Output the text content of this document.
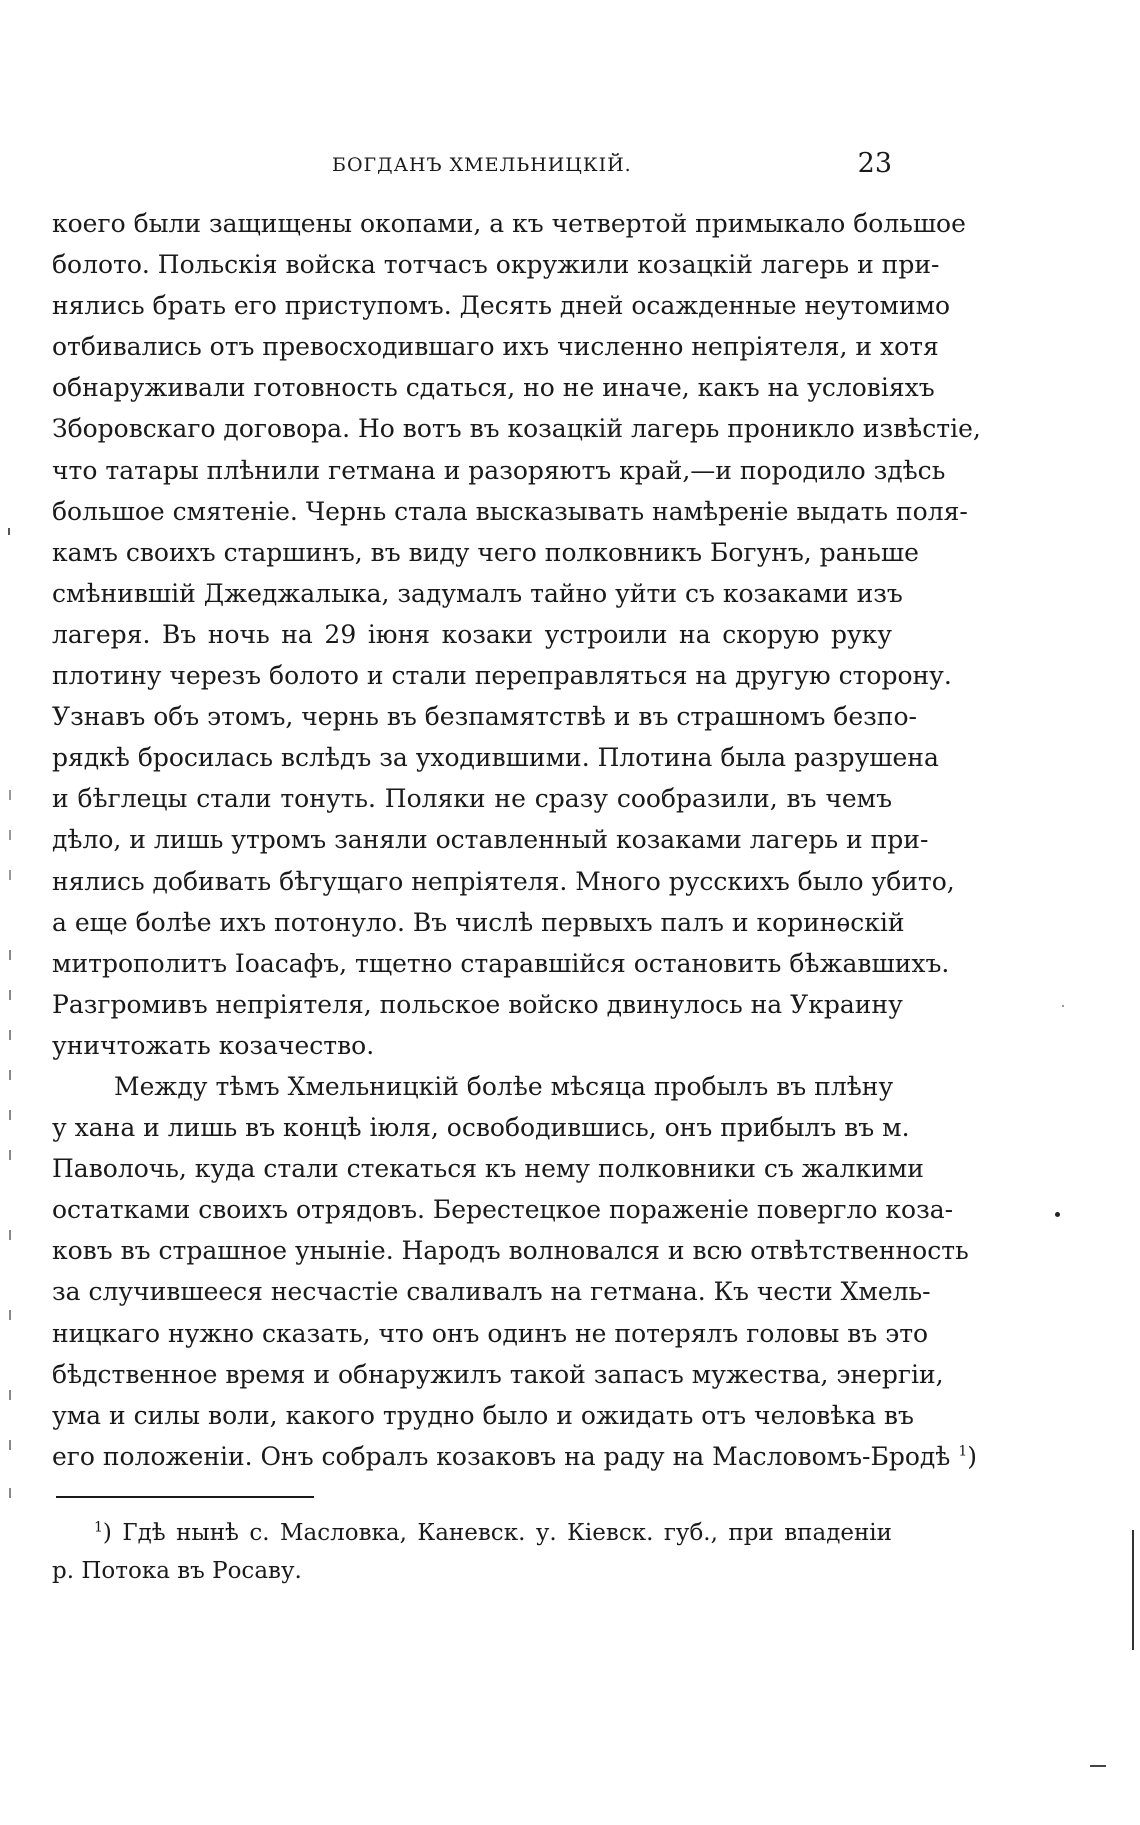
БОГДАНЪ ХМЕЛЬНИЦКІЙ.	23
коего были защищены окопами, а къ четвертой примыкало большое
болото. Польскія войска тотчасъ окружили козацкій лагерь и при-
нялись брать его приступомъ. Десять дней осажденные неутомимо
отбивались отъ превосходившаго ихъ численно непріятеля, и хотя
обнаруживали готовность сдаться, но не иначе, какъ на условіяхъ
Зборовскаго договора. Но вотъ въ козацкій лагерь проникло извѣстіе,
что татары плѣнили гетмана и разоряютъ край,—и породило здѣсь
большое смятеніе. Чернь стала высказывать намѣреніе выдать поля-
камъ своихъ старшинъ, въ виду чего полковникъ Богунъ, раньше
смѣнившій Джеджалыка, задумалъ тайно уйти съ козаками изъ
лагеря. Въ ночь на 29 іюня козаки устроили на скорую руку
плотину черезъ болото и стали переправляться на другую сторону.
Узнавъ объ этомъ, чернь въ безпамятствѣ и въ страшномъ безпо-
рядкѣ бросилась вслѣдъ за уходившими. Плотина была разрушена
и бѣглецы стали тонуть. Поляки не сразу сообразили, въ чемъ
дѣло, и лишь утромъ заняли оставленный козаками лагерь и при-
нялись добивать бѣгущаго непріятеля. Много русскихъ было убито,
а еще болѣе ихъ потонуло. Въ числѣ первыхъ палъ и коринѳскій
митрополитъ Іоасафъ, тщетно старавшійся остановить бѣжавшихъ.
Разгромивъ непріятеля, польское войско двинулось на Украину
уничтожать козачество.
Между тѣмъ Хмельницкій болѣе мѣсяца пробылъ въ плѣну
у хана и лишь въ концѣ іюля, освободившись, онъ прибылъ въ м.
Паволочь, куда стали стекаться къ нему полковники съ жалкими
остатками своихъ отрядовъ. Берестецкое пораженіе повергло коза-
ковъ въ страшное уныніе. Народъ волновался и всю отвѣтственность
за случившееся несчастіе сваливалъ на гетмана. Къ чести Хмель-
ницкаго нужно сказать, что онъ одинъ не потерялъ головы въ это
бѣдственное время и обнаружилъ такой запасъ мужества, энергіи,
ума и силы воли, какого трудно было и ожидать отъ человѣка въ
его положеніи. Онъ собралъ козаковъ на раду на Масловомъ-Бродѣ $^1$)
$^1$) Гдѣ нынѣ с. Масловка, Каневск. у. Кіевск. губ., при впаденіи
р. Потока въ Росаву.
